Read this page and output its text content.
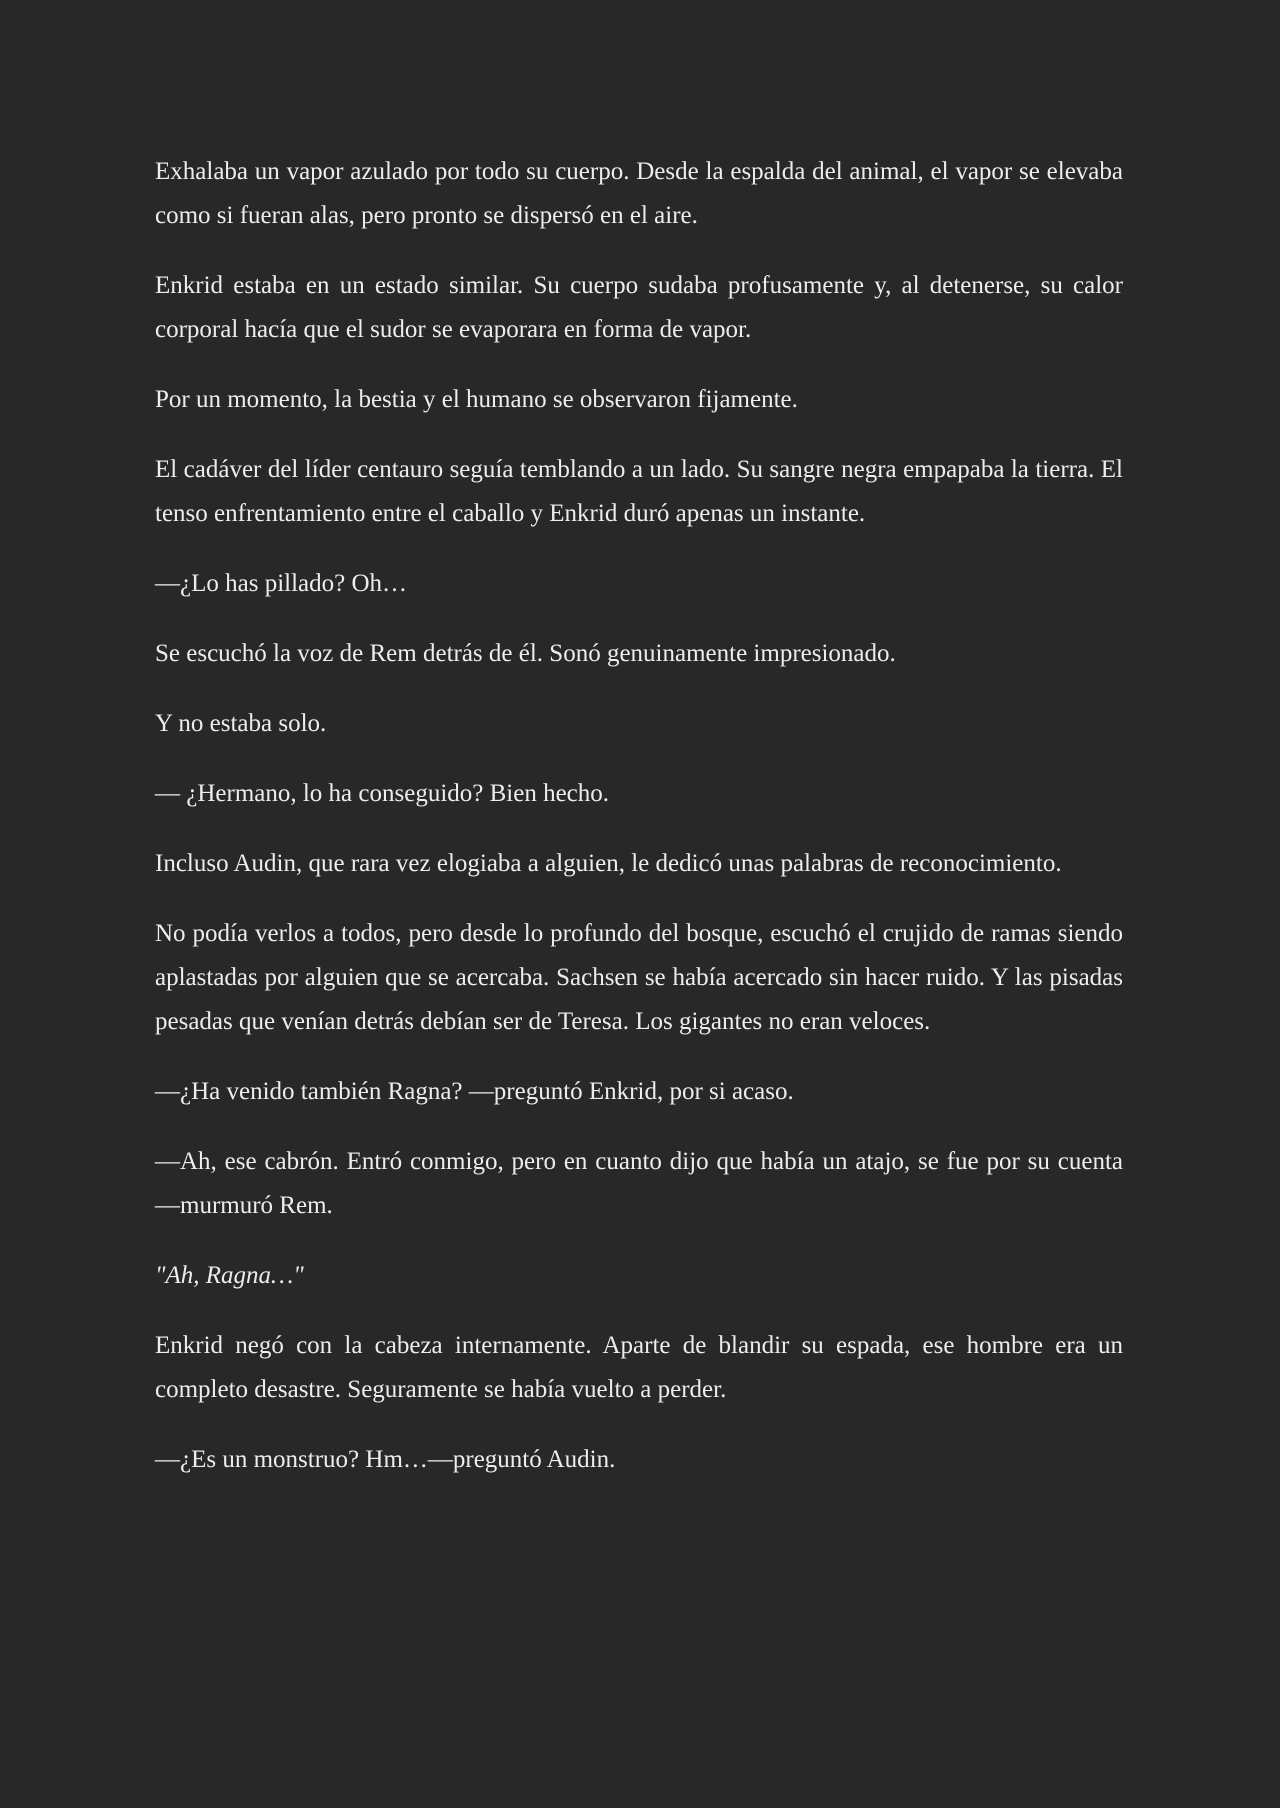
Exhalaba un vapor azulado por todo su cuerpo. Desde la espalda del animal, el vapor se elevaba como si fueran alas, pero pronto se dispersó en el aire.

Enkrid estaba en un estado similar. Su cuerpo sudaba profusamente y, al detenerse, su calor corporal hacía que el sudor se evaporara en forma de vapor.

Por un momento, la bestia y el humano se observaron fijamente.

El cadáver del líder centauro seguía temblando a un lado. Su sangre negra empapaba la tierra. El tenso enfrentamiento entre el caballo y Enkrid duró apenas un instante.

—¿Lo has pillado? Oh…

Se escuchó la voz de Rem detrás de él. Sonó genuinamente impresionado.

Y no estaba solo.

— ¿Hermano, lo ha conseguido? Bien hecho.

Incluso Audin, que rara vez elogiaba a alguien, le dedicó unas palabras de reconocimiento.

No podía verlos a todos, pero desde lo profundo del bosque, escuchó el crujido de ramas siendo aplastadas por alguien que se acercaba. Sachsen se había acercado sin hacer ruido. Y las pisadas pesadas que venían detrás debían ser de Teresa. Los gigantes no eran veloces.

—¿Ha venido también Ragna? —preguntó Enkrid, por si acaso.

—Ah, ese cabrón. Entró conmigo, pero en cuanto dijo que había un atajo, se fue por su cuenta —murmuró Rem.

"Ah, Ragna…"

Enkrid negó con la cabeza internamente. Aparte de blandir su espada, ese hombre era un completo desastre. Seguramente se había vuelto a perder.

—¿Es un monstruo? Hm…—preguntó Audin.
